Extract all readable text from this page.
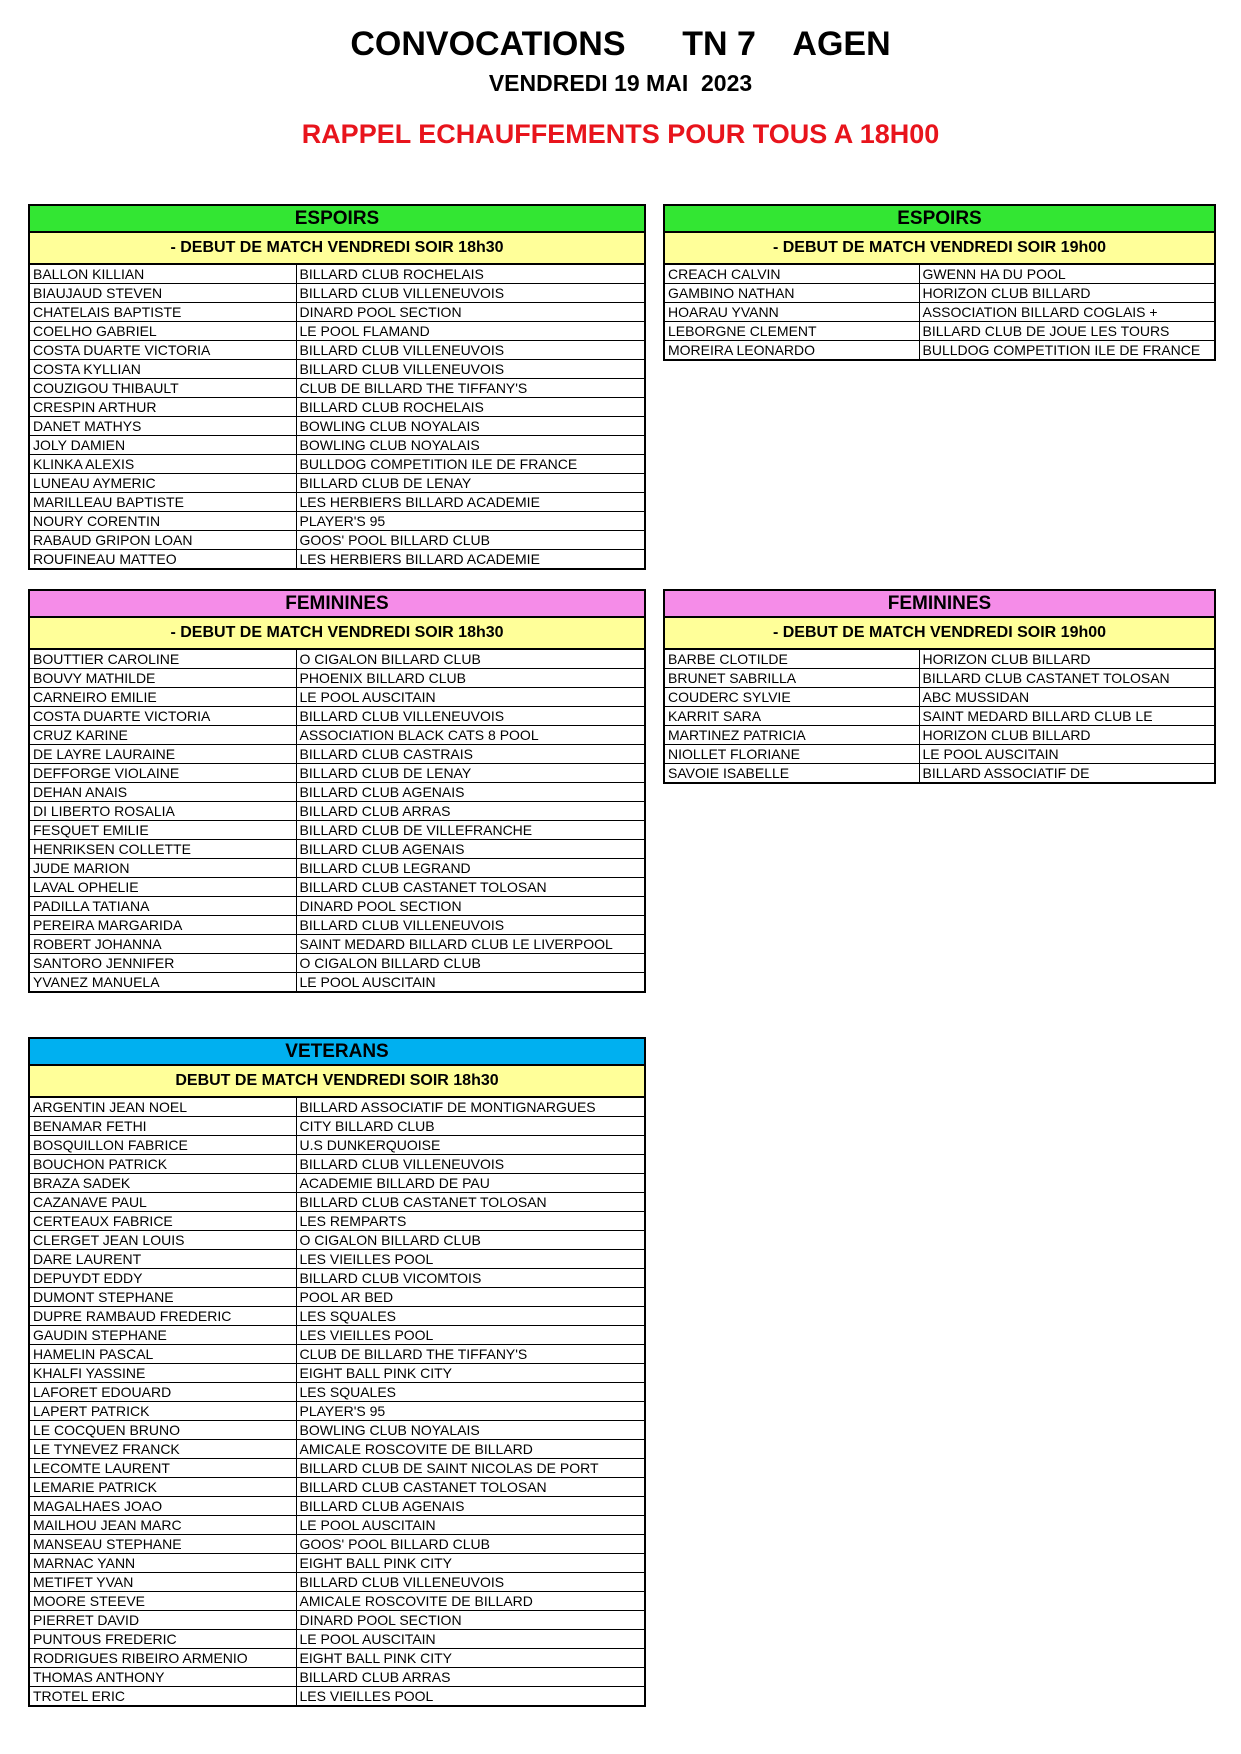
CONVOCATIONS      TN 7    AGEN
VENDREDI 19 MAI  2023
RAPPEL ECHAUFFEMENTS POUR TOUS A 18H00
ESPOIRS
- DEBUT DE MATCH VENDREDI SOIR 18h30
BALLON KILLIAN	BILLARD CLUB ROCHELAIS
BIAUJAUD STEVEN	BILLARD CLUB VILLENEUVOIS
CHATELAIS BAPTISTE	DINARD POOL SECTION
COELHO GABRIEL	LE POOL FLAMAND
COSTA DUARTE VICTORIA	BILLARD CLUB VILLENEUVOIS
COSTA KYLLIAN	BILLARD CLUB VILLENEUVOIS
COUZIGOU THIBAULT	CLUB DE BILLARD THE TIFFANY'S
CRESPIN ARTHUR	BILLARD CLUB ROCHELAIS
DANET MATHYS	BOWLING CLUB NOYALAIS
JOLY DAMIEN	BOWLING CLUB NOYALAIS
KLINKA ALEXIS	BULLDOG COMPETITION ILE DE FRANCE
LUNEAU AYMERIC	BILLARD CLUB DE LENAY
MARILLEAU BAPTISTE	LES HERBIERS BILLARD ACADEMIE
NOURY CORENTIN	PLAYER'S 95
RABAUD GRIPON LOAN	GOOS' POOL BILLARD CLUB
ROUFINEAU MATTEO	LES HERBIERS BILLARD ACADEMIE
ESPOIRS
- DEBUT DE MATCH VENDREDI SOIR 19h00
CREACH CALVIN	GWENN HA DU POOL
GAMBINO NATHAN	HORIZON CLUB BILLARD
HOARAU YVANN	ASSOCIATION BILLARD COGLAIS +
LEBORGNE CLEMENT	BILLARD CLUB DE JOUE LES TOURS
MOREIRA LEONARDO	BULLDOG COMPETITION ILE DE FRANCE
FEMININES
- DEBUT DE MATCH VENDREDI SOIR 18h30
BOUTTIER CAROLINE	O CIGALON BILLARD CLUB
BOUVY MATHILDE	PHOENIX BILLARD CLUB
CARNEIRO EMILIE	LE POOL AUSCITAIN
COSTA DUARTE VICTORIA	BILLARD CLUB VILLENEUVOIS
CRUZ KARINE	ASSOCIATION BLACK CATS 8 POOL
DE LAYRE LAURAINE	BILLARD CLUB CASTRAIS
DEFFORGE VIOLAINE	BILLARD CLUB DE LENAY
DEHAN ANAIS	BILLARD CLUB AGENAIS
DI LIBERTO ROSALIA	BILLARD CLUB ARRAS
FESQUET EMILIE	BILLARD CLUB DE VILLEFRANCHE
HENRIKSEN COLLETTE	BILLARD CLUB AGENAIS
JUDE MARION	BILLARD CLUB LEGRAND
LAVAL OPHELIE	BILLARD CLUB CASTANET TOLOSAN
PADILLA TATIANA	DINARD POOL SECTION
PEREIRA MARGARIDA	BILLARD CLUB VILLENEUVOIS
ROBERT JOHANNA	SAINT MEDARD BILLARD CLUB LE LIVERPOOL
SANTORO JENNIFER	O CIGALON BILLARD CLUB
YVANEZ MANUELA	LE POOL AUSCITAIN
FEMININES
- DEBUT DE MATCH VENDREDI SOIR 19h00
BARBE CLOTILDE	HORIZON CLUB BILLARD
BRUNET SABRILLA	BILLARD CLUB CASTANET TOLOSAN
COUDERC SYLVIE	ABC MUSSIDAN
KARRIT SARA	SAINT MEDARD BILLARD CLUB LE
MARTINEZ PATRICIA	HORIZON CLUB BILLARD
NIOLLET FLORIANE	LE POOL AUSCITAIN
SAVOIE ISABELLE	BILLARD ASSOCIATIF DE
VETERANS
DEBUT DE MATCH VENDREDI SOIR 18h30
ARGENTIN JEAN NOEL	BILLARD ASSOCIATIF DE MONTIGNARGUES
BENAMAR FETHI	CITY BILLARD CLUB
BOSQUILLON FABRICE	U.S DUNKERQUOISE
BOUCHON PATRICK	BILLARD CLUB VILLENEUVOIS
BRAZA SADEK	ACADEMIE BILLARD DE PAU
CAZANAVE PAUL	BILLARD CLUB CASTANET TOLOSAN
CERTEAUX FABRICE	LES REMPARTS
CLERGET JEAN LOUIS	O CIGALON BILLARD CLUB
DARE LAURENT	LES VIEILLES POOL
DEPUYDT EDDY	BILLARD CLUB VICOMTOIS
DUMONT STEPHANE	POOL AR BED
DUPRE RAMBAUD FREDERIC	LES SQUALES
GAUDIN STEPHANE	LES VIEILLES POOL
HAMELIN PASCAL	CLUB DE BILLARD THE TIFFANY'S
KHALFI YASSINE	EIGHT BALL PINK CITY
LAFORET EDOUARD	LES SQUALES
LAPERT PATRICK	PLAYER'S 95
LE COCQUEN BRUNO	BOWLING CLUB NOYALAIS
LE TYNEVEZ FRANCK	AMICALE ROSCOVITE DE BILLARD
LECOMTE LAURENT	BILLARD CLUB DE SAINT NICOLAS DE PORT
LEMARIE PATRICK	BILLARD CLUB CASTANET TOLOSAN
MAGALHAES JOAO	BILLARD CLUB AGENAIS
MAILHOU JEAN MARC	LE POOL AUSCITAIN
MANSEAU STEPHANE	GOOS' POOL BILLARD CLUB
MARNAC YANN	EIGHT BALL PINK CITY
METIFET YVAN	BILLARD CLUB VILLENEUVOIS
MOORE STEEVE	AMICALE ROSCOVITE DE BILLARD
PIERRET DAVID	DINARD POOL SECTION
PUNTOUS FREDERIC	LE POOL AUSCITAIN
RODRIGUES RIBEIRO ARMENIO	EIGHT BALL PINK CITY
THOMAS ANTHONY	BILLARD CLUB ARRAS
TROTEL ERIC	LES VIEILLES POOL
